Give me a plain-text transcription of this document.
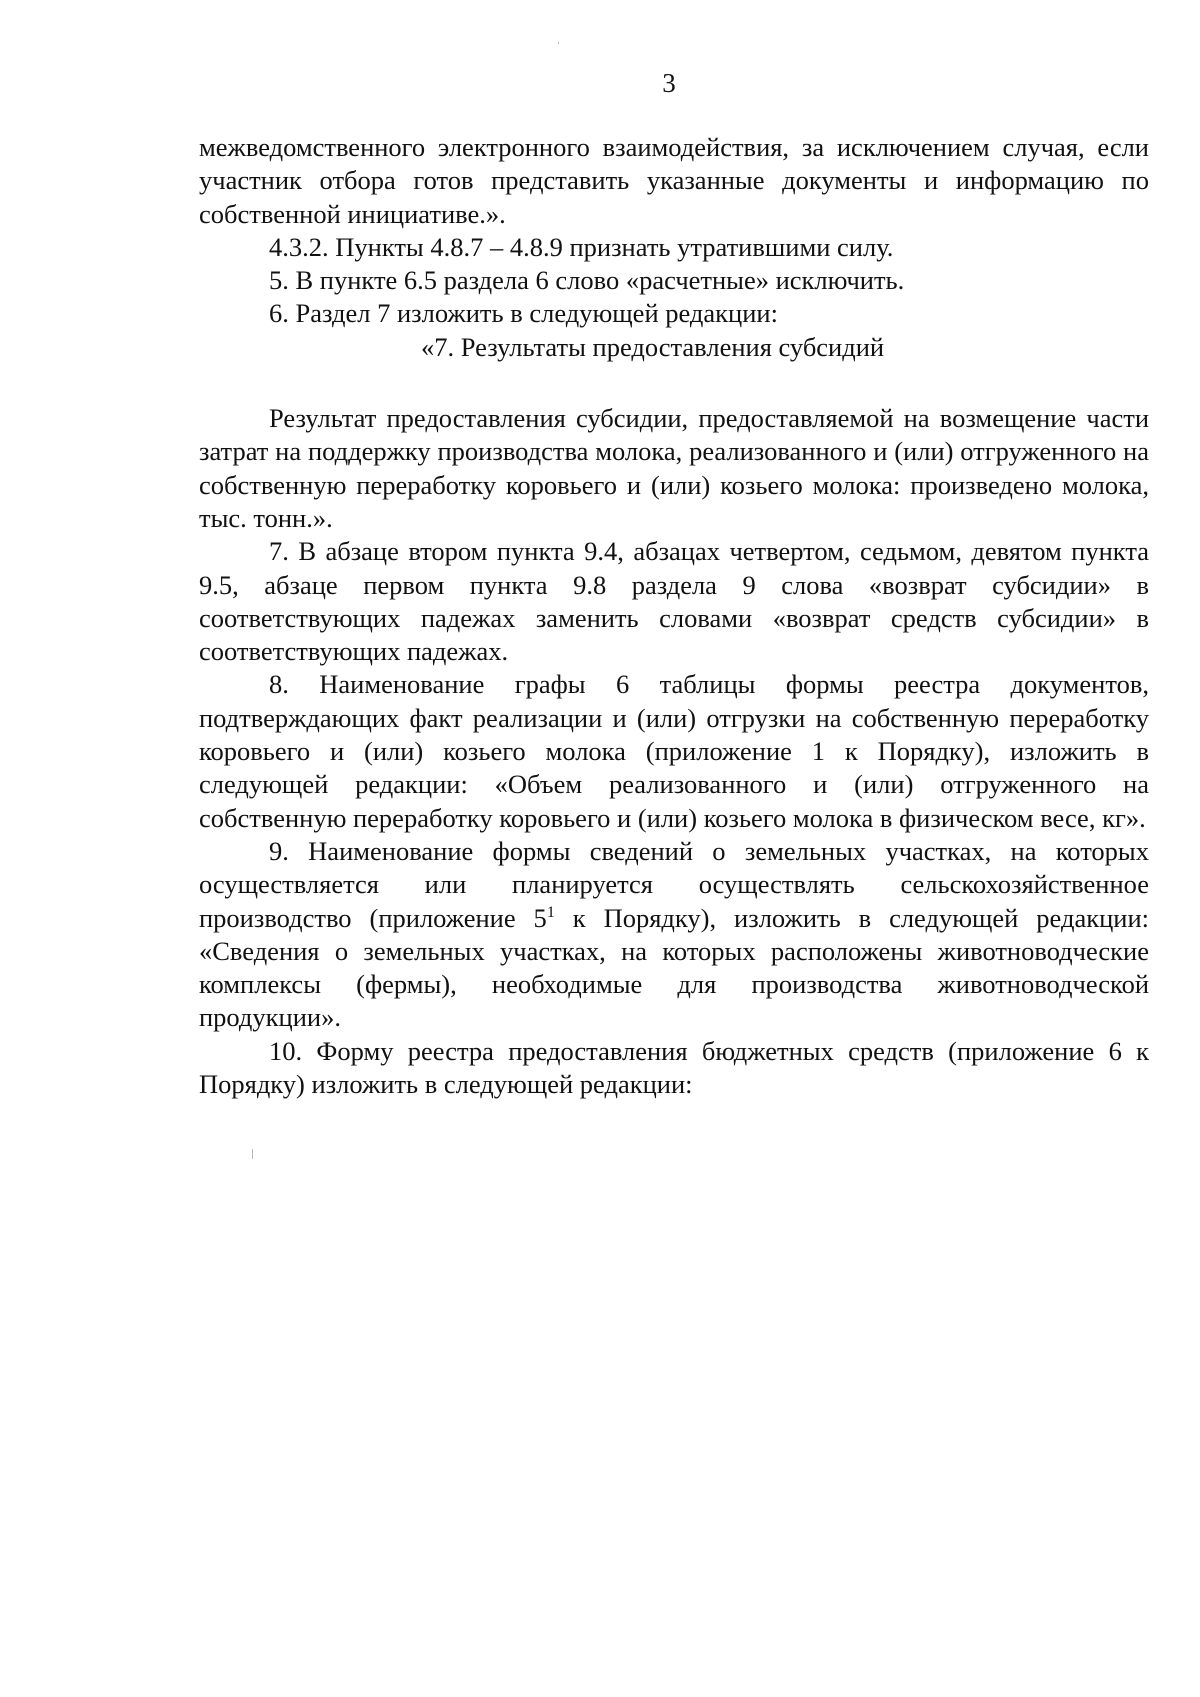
3

межведомственного электронного взаимодействия, за исключением случая, если участник отбора готов представить указанные документы и информацию по собственной инициативе.».

4.3.2. Пункты 4.8.7 – 4.8.9 признать утратившими силу.

5. В пункте 6.5 раздела 6 слово «расчетные» исключить.

6. Раздел 7 изложить в следующей редакции:

«7. Результаты предоставления субсидий

Результат предоставления субсидии, предоставляемой на возмещение части затрат на поддержку производства молока, реализованного и (или) отгруженного на собственную переработку коровьего и (или) козьего молока: произведено молока, тыс. тонн.».

7. В абзаце втором пункта 9.4, абзацах четвертом, седьмом, девятом пункта 9.5, абзаце первом пункта 9.8 раздела 9 слова «возврат субсидии» в соответствующих падежах заменить словами «возврат средств субсидии» в соответствующих падежах.

8. Наименование графы 6 таблицы формы реестра документов, подтверждающих факт реализации и (или) отгрузки на собственную переработку коровьего и (или) козьего молока (приложение 1 к Порядку), изложить в следующей редакции: «Объем реализованного и (или) отгруженного на собственную переработку коровьего и (или) козьего молока в физическом весе, кг».

9. Наименование формы сведений о земельных участках, на которых осуществляется или планируется осуществлять сельскохозяйственное производство (приложение $5^1$ к Порядку), изложить в следующей редакции: «Сведения о земельных участках, на которых расположены животноводческие комплексы (фермы), необходимые для производства животноводческой продукции».

10. Форму реестра предоставления бюджетных средств (приложение 6 к Порядку) изложить в следующей редакции:
